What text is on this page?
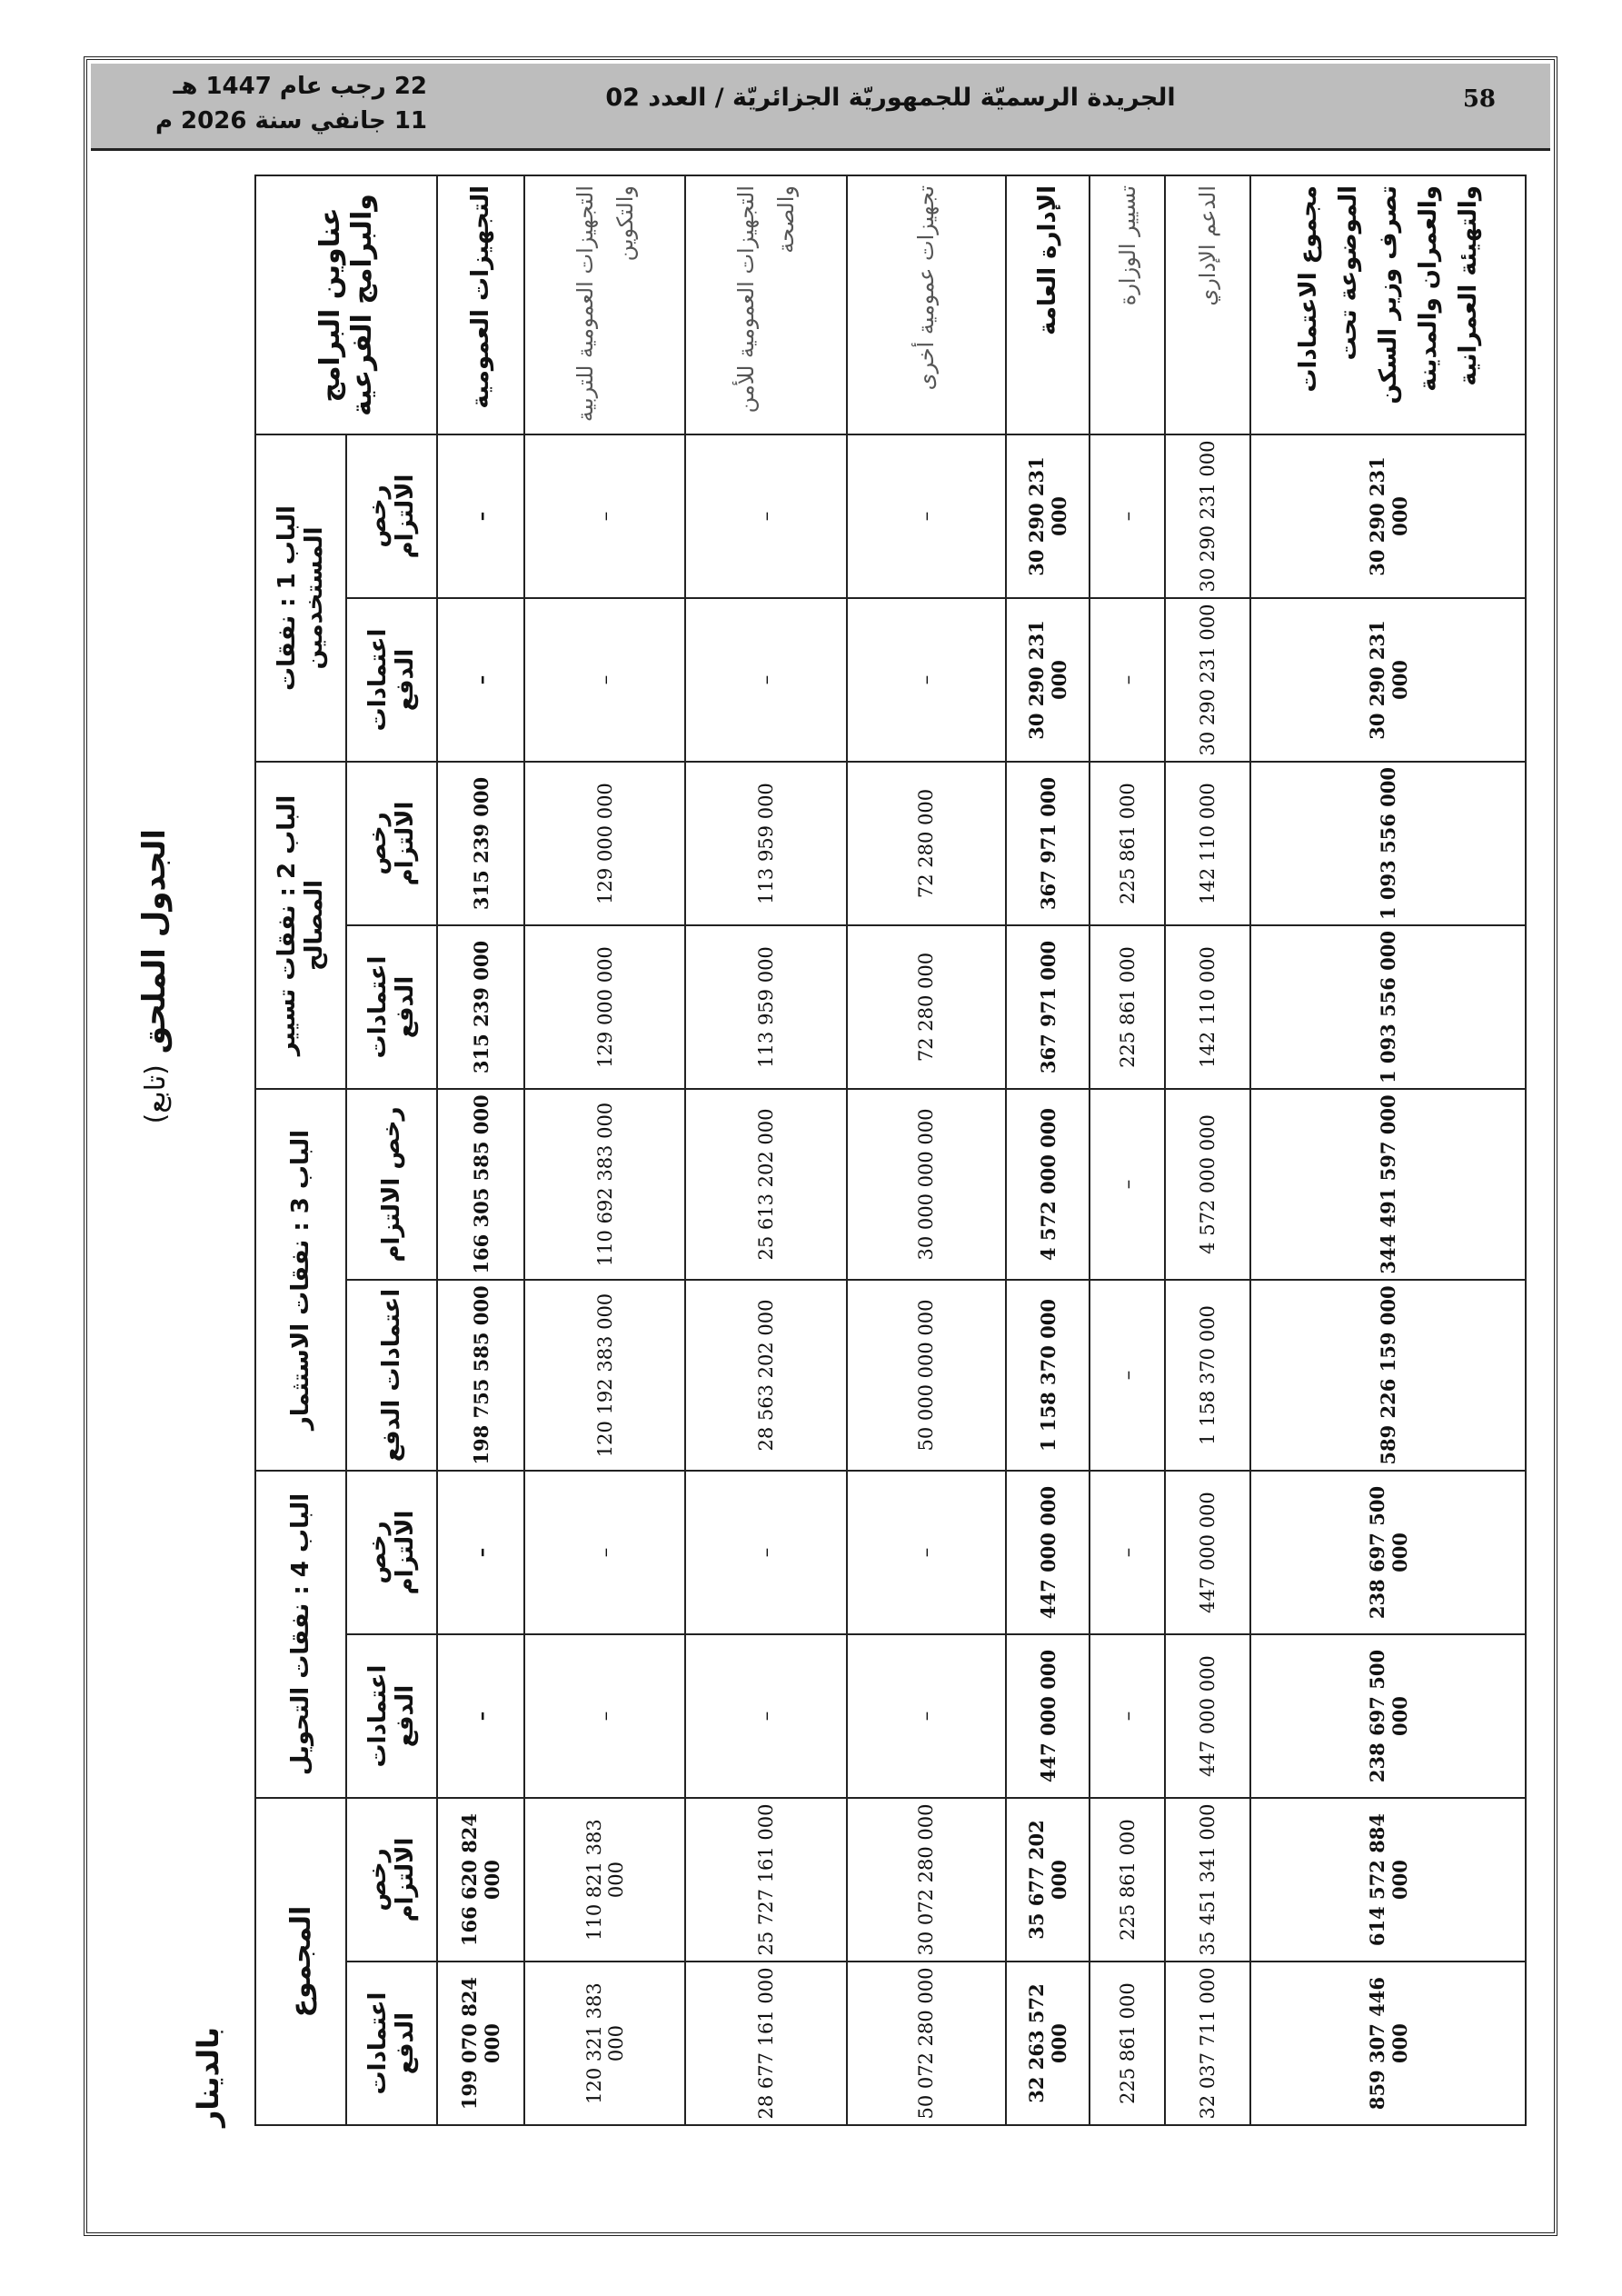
22 رجب عام 1447 هـ
11 جانفي سنة 2026 م
الجريدة الرسميّة للجمهوريّة الجزائريّة / العدد 02	58
الجدول الملحق (تابع)
بالدينار
عناوين البرامج والبرامج الفرعية	الباب 1 : نفقات المستخدمين		الباب 2 : نفقات تسيير المصالح		الباب 3 : نفقات الاستثمار		الباب 4 : نفقات التحويل		المجموع	
	رخص الالتزام	اعتمادات الدفع	رخص الالتزام	اعتمادات الدفع	رخص الالتزام	اعتمادات الدفع	رخص الالتزام	اعتمادات الدفع	رخص الالتزام	اعتمادات الدفع
التجهيزات العمومية	–	–	315 239 000	315 239 000	166 305 585 000	198 755 585 000	–	–	166 620 824 000	199 070 824 000
التجهيزات العمومية للتربية والتكوين	–	–	129 000 000	129 000 000	110 692 383 000	120 192 383 000	–	–	110 821 383 000	120 321 383 000
التجهيزات العمومية للأمن والصحة	–	–	113 959 000	113 959 000	25 613 202 000	28 563 202 000	–	–	25 727 161 000	28 677 161 000
تجهيزات عمومية أخرى	–	–	72 280 000	72 280 000	30 000 000 000	50 000 000 000	–	–	30 072 280 000	50 072 280 000
الإدارة العامة	30 290 231 000	30 290 231 000	367 971 000	367 971 000	4 572 000 000	1 158 370 000	447 000 000	447 000 000	35 677 202 000	32 263 572 000
تسيير الوزارة	–	–	225 861 000	225 861 000	–	–	–	–	225 861 000	225 861 000
الدعم الإداري	30 290 231 000	30 290 231 000	142 110 000	142 110 000	4 572 000 000	1 158 370 000	447 000 000	447 000 000	35 451 341 000	32 037 711 000
مجموع الاعتمادات الموضوعة تحت تصرف وزير السكن والعمران والمدينة والتهيئة العمرانية	30 290 231 000	30 290 231 000	1 093 556 000	1 093 556 000	344 491 597 000	589 226 159 000	238 697 500 000	238 697 500 000	614 572 884 000	859 307 446 000
